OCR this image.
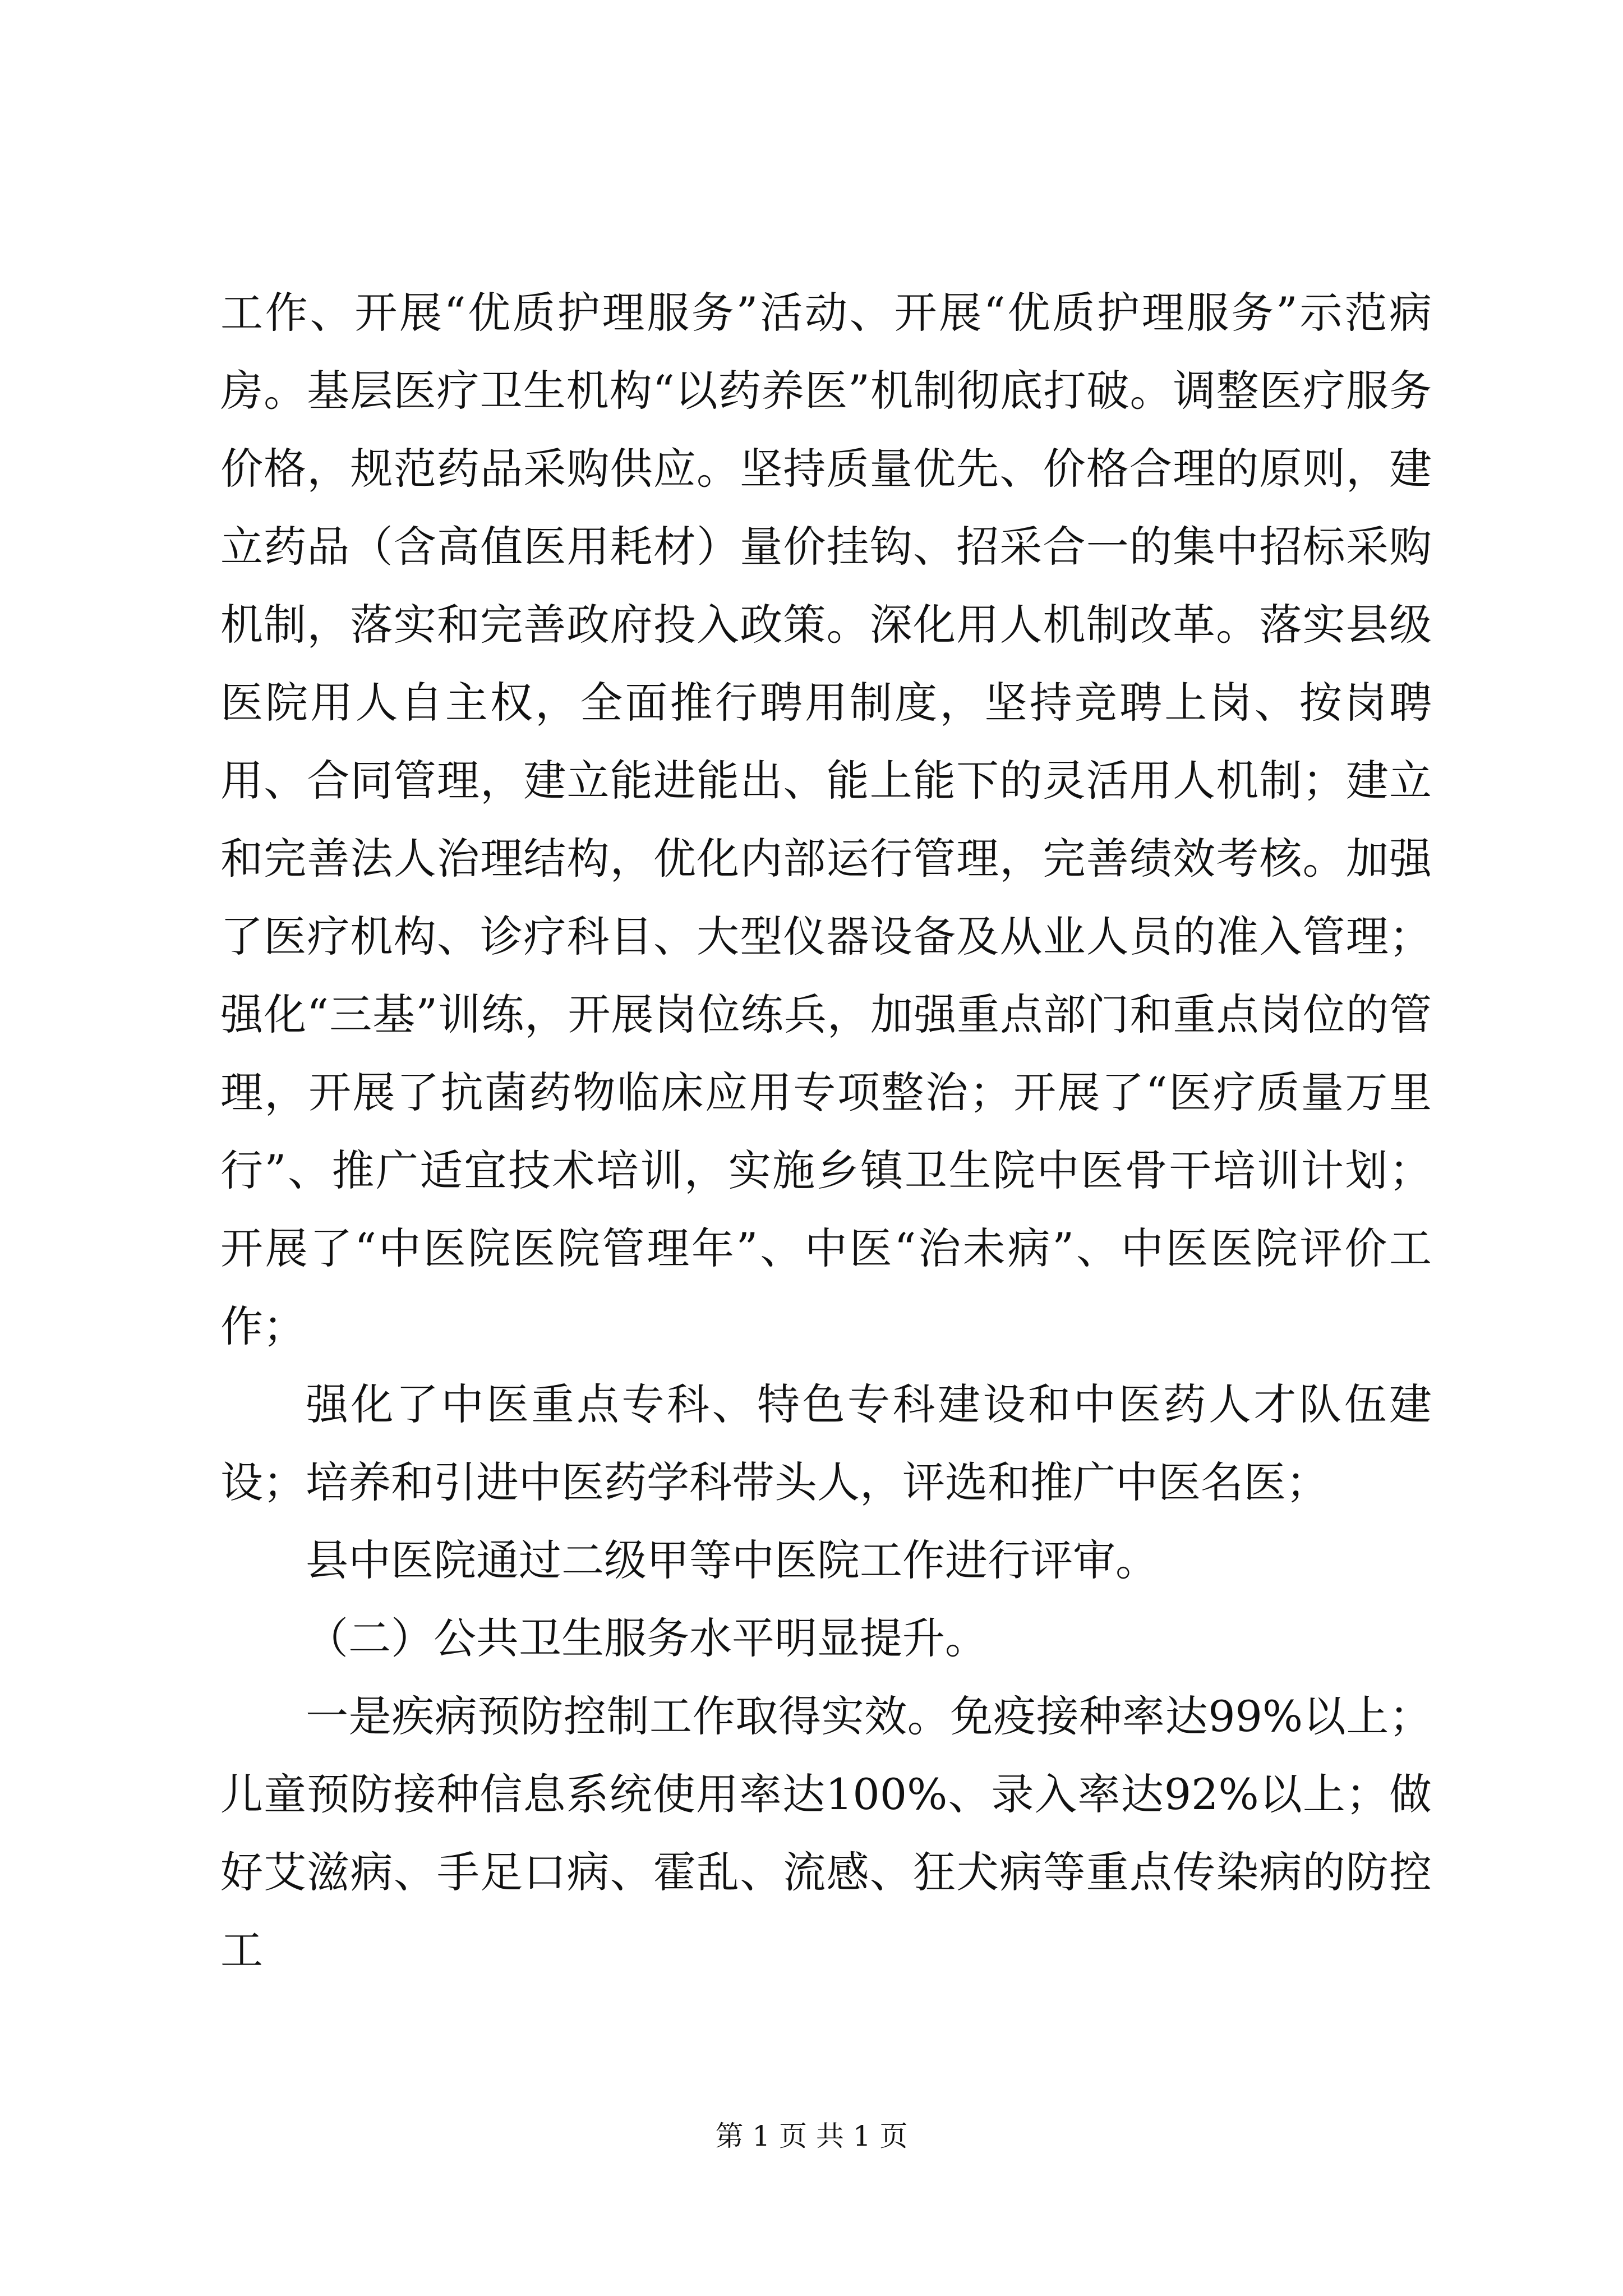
工作、开展“优质护理服务”活动、开展“优质护理服务”示范病房。基层医疗卫生机构“以药养医”机制彻底打破。调整医疗服务价格，规范药品采购供应。坚持质量优先、价格合理的原则，建立药品（含高值医用耗材）量价挂钩、招采合一的集中招标采购机制，落实和完善政府投入政策。深化用人机制改革。落实县级医院用人自主权，全面推行聘用制度，坚持竞聘上岗、按岗聘用、合同管理，建立能进能出、能上能下的灵活用人机制；建立和完善法人治理结构，优化内部运行管理，完善绩效考核。加强了医疗机构、诊疗科目、大型仪器设备及从业人员的准入管理；强化“三基”训练，开展岗位练兵，加强重点部门和重点岗位的管理，开展了抗菌药物临床应用专项整治；开展了“医疗质量万里行”、推广适宜技术培训，实施乡镇卫生院中医骨干培训计划；开展了“中医院医院管理年”、中医“治未病”、中医医院评价工作；

强化了中医重点专科、特色专科建设和中医药人才队伍建设；培养和引进中医药学科带头人，评选和推广中医名医；

县中医院通过二级甲等中医院工作进行评审。

（二）公共卫生服务水平明显提升。

一是疾病预防控制工作取得实效。免疫接种率达99%以上；儿童预防接种信息系统使用率达100%、录入率达92%以上；做好艾滋病、手足口病、霍乱、流感、狂犬病等重点传染病的防控工

第 1 页 共 1 页
